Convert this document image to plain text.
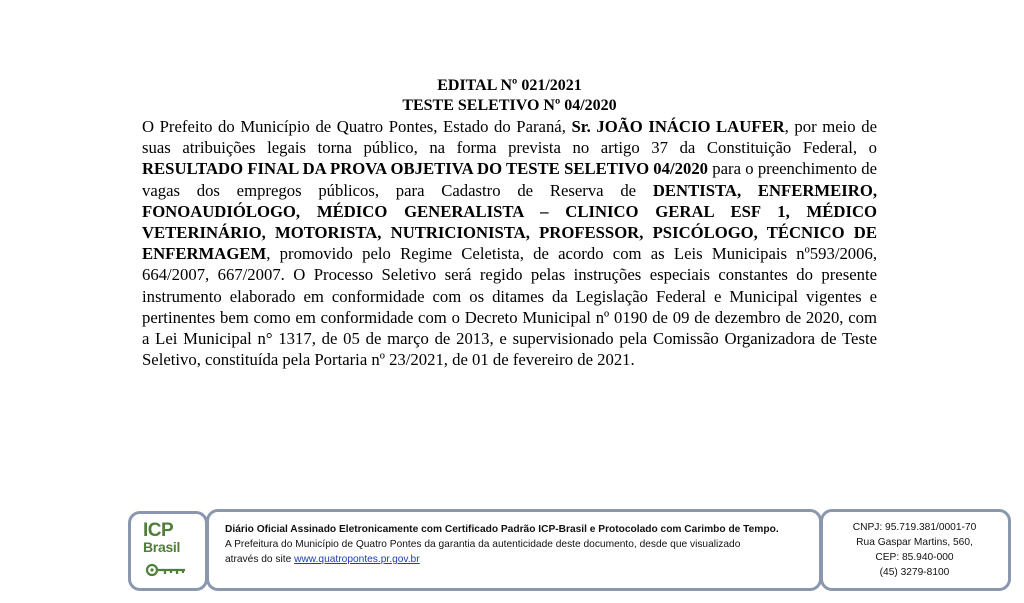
EDITAL Nº 021/2021
TESTE SELETIVO Nº 04/2020

O Prefeito do Município de Quatro Pontes, Estado do Paraná, Sr. JOÃO INÁCIO LAUFER, por meio de suas atribuições legais torna público, na forma prevista no artigo 37 da Constituição Federal, o RESULTADO FINAL DA PROVA OBJETIVA DO TESTE SELETIVO 04/2020 para o preenchimento de vagas dos empregos públicos, para Cadastro de Reserva de DENTISTA, ENFERMEIRO, FONOAUDIÓLOGO, MÉDICO GENERALISTA – CLINICO GERAL ESF 1, MÉDICO VETERINÁRIO, MOTORISTA, NUTRICIONISTA, PROFESSOR, PSICÓLOGO, TÉCNICO DE ENFERMAGEM, promovido pelo Regime Celetista, de acordo com as Leis Municipais nº593/2006, 664/2007, 667/2007. O Processo Seletivo será regido pelas instruções especiais constantes do presente instrumento elaborado em conformidade com os ditames da Legislação Federal e Municipal vigentes e pertinentes bem como em conformidade com o Decreto Municipal nº 0190 de 09 de dezembro de 2020, com a Lei Municipal n° 1317, de 05 de março de 2013, e supervisionado pela Comissão Organizadora de Teste Seletivo, constituída pela Portaria nº 23/2021, de 01 de fevereiro de 2021.

ICP
Brasil
Diário Oficial Assinado Eletronicamente com Certificado Padrão ICP-Brasil e Protocolado com Carimbo de Tempo.
A Prefeitura do Município de Quatro Pontes da garantia da autenticidade deste documento, desde que visualizado
através do site www.quatropontes.pr.gov.br
CNPJ: 95.719.381/0001-70
Rua Gaspar Martins, 560,
CEP: 85.940-000
(45) 3279-8100
